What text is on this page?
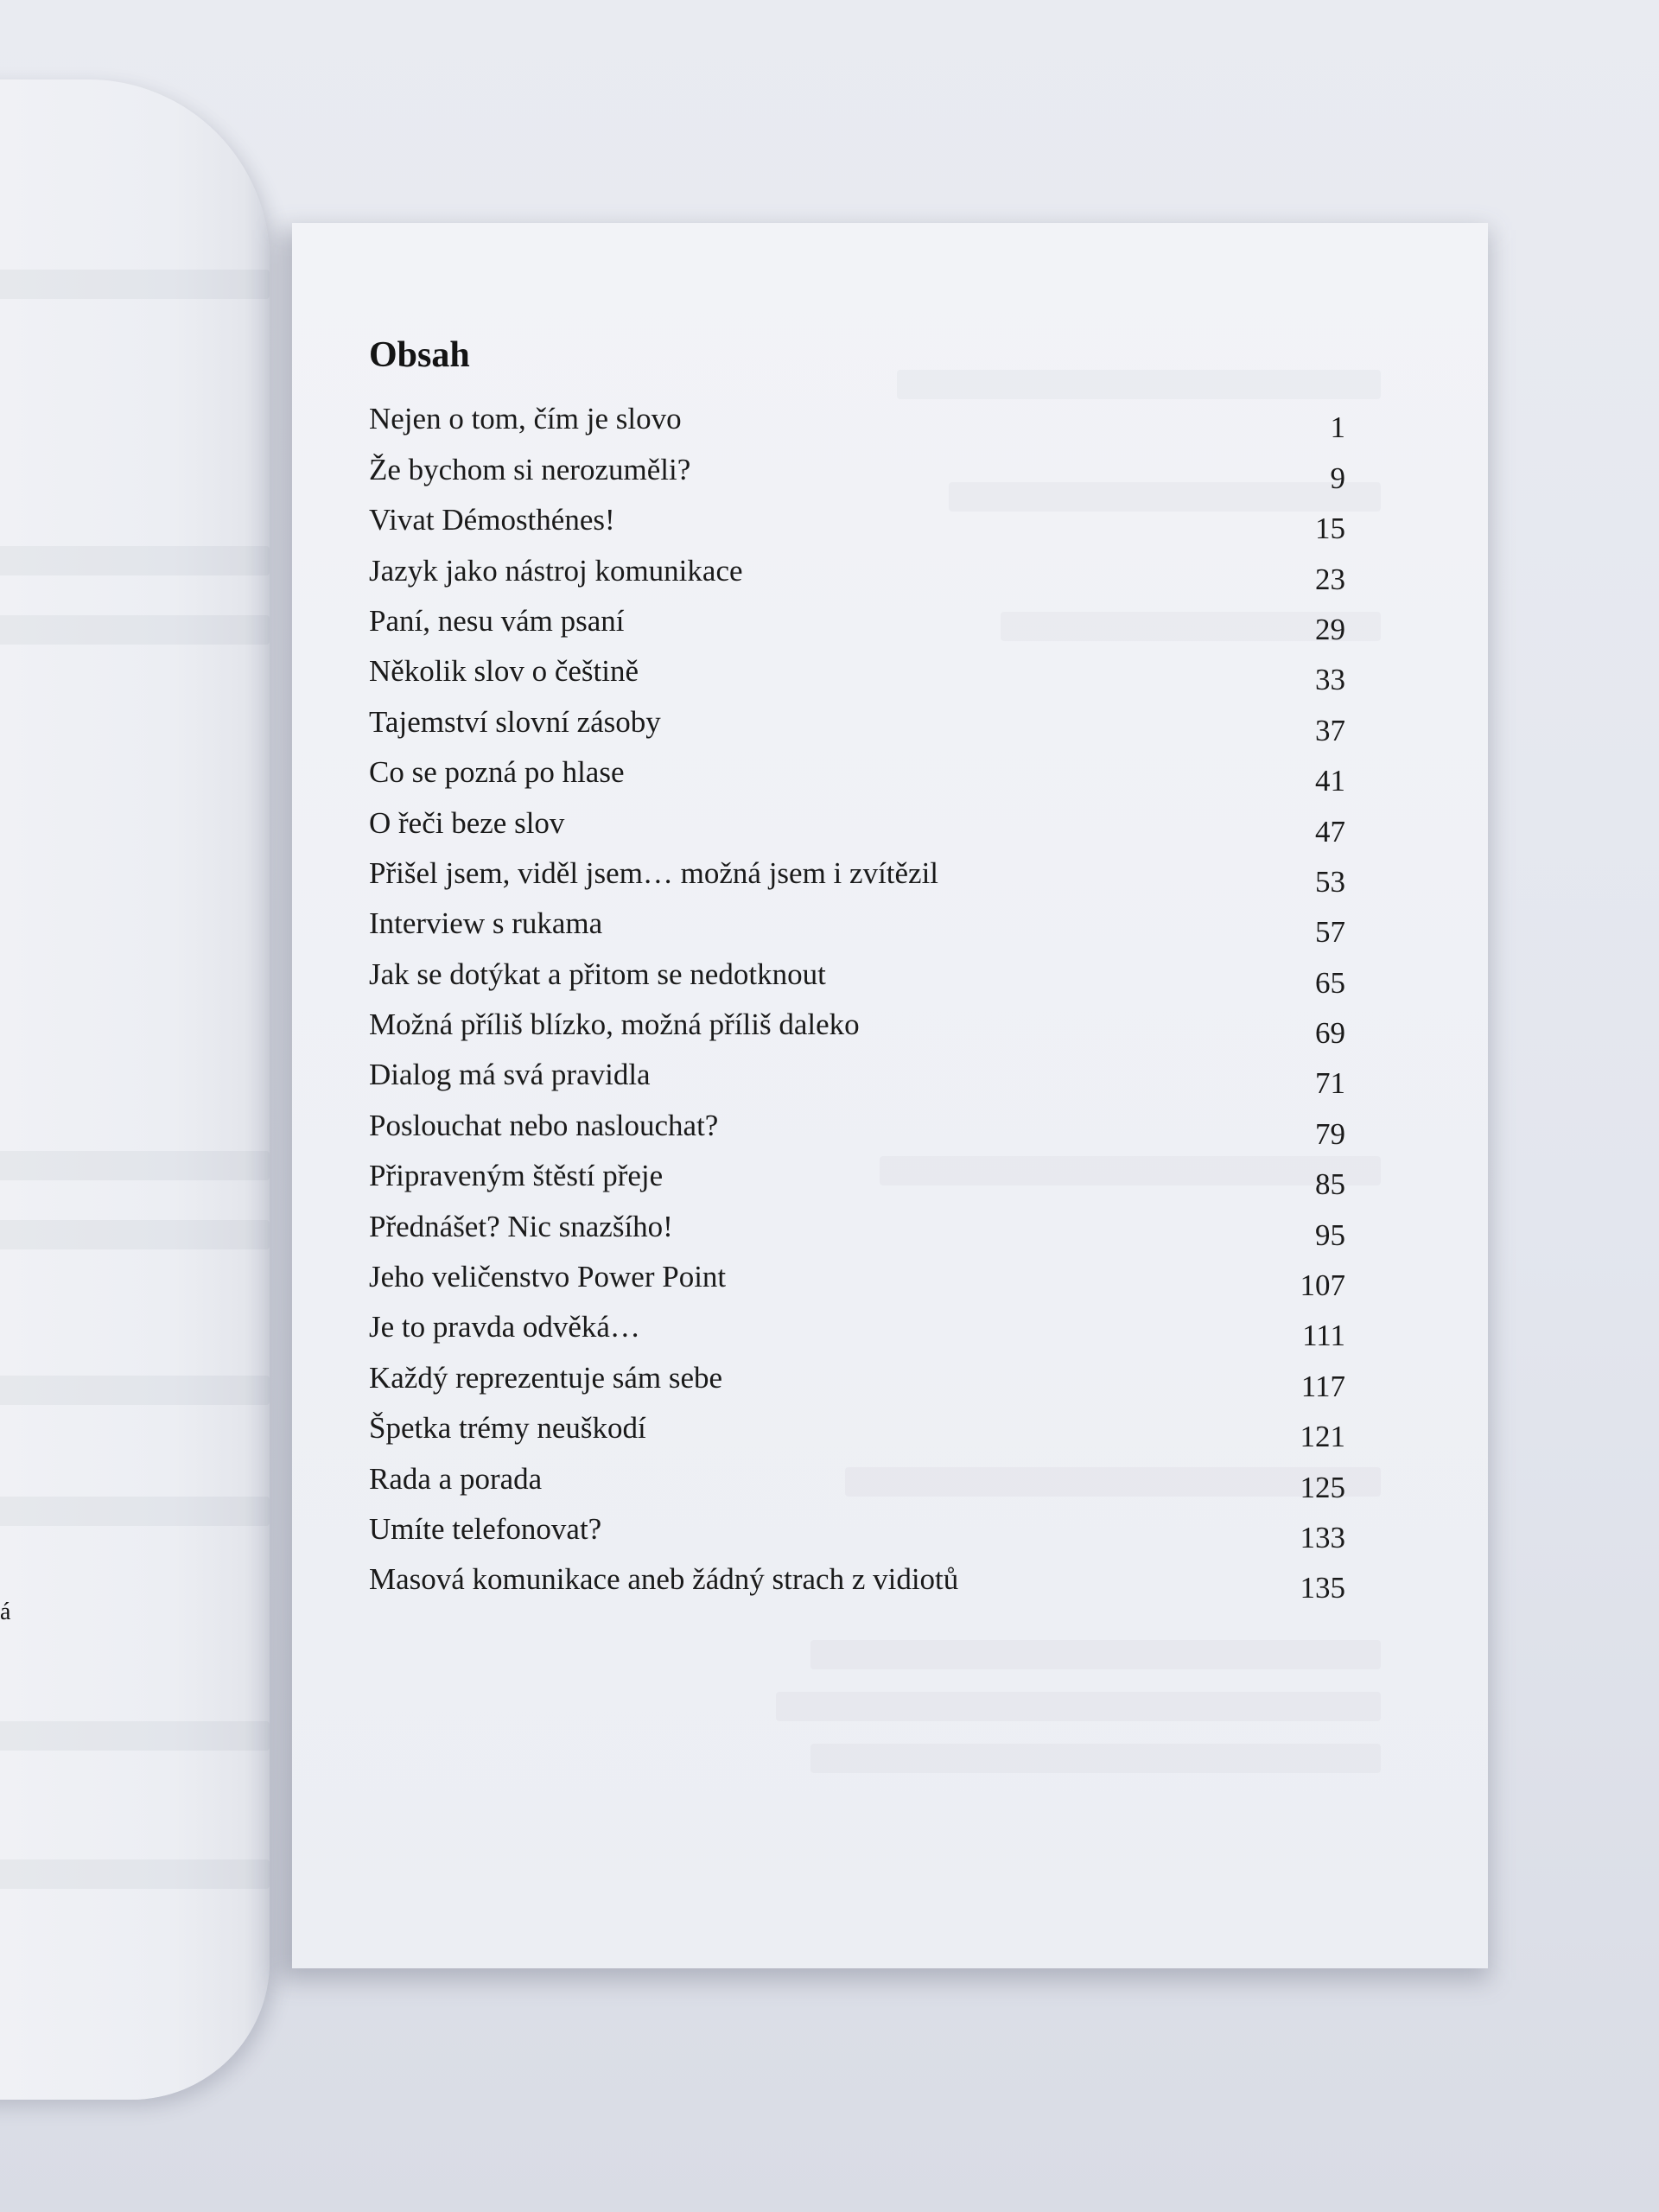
á
Obsah
Nejen o tom, čím je slovo	1
Že bychom si nerozuměli?	9
Vivat Démosthénes!	15
Jazyk jako nástroj komunikace	23
Paní, nesu vám psaní	29
Několik slov o češtině	33
Tajemství slovní zásoby	37
Co se pozná po hlase	41
O řeči beze slov	47
Přišel jsem, viděl jsem… možná jsem i zvítězil	53
Interview s rukama	57
Jak se dotýkat a přitom se nedotknout	65
Možná příliš blízko, možná příliš daleko	69
Dialog má svá pravidla	71
Poslouchat nebo naslouchat?	79
Připraveným štěstí přeje	85
Přednášet? Nic snazšího!	95
Jeho veličenstvo Power Point	107
Je to pravda odvěká…	111
Každý reprezentuje sám sebe	117
Špetka trémy neuškodí	121
Rada a porada	125
Umíte telefonovat?	133
Masová komunikace aneb žádný strach z vidiotů	135
